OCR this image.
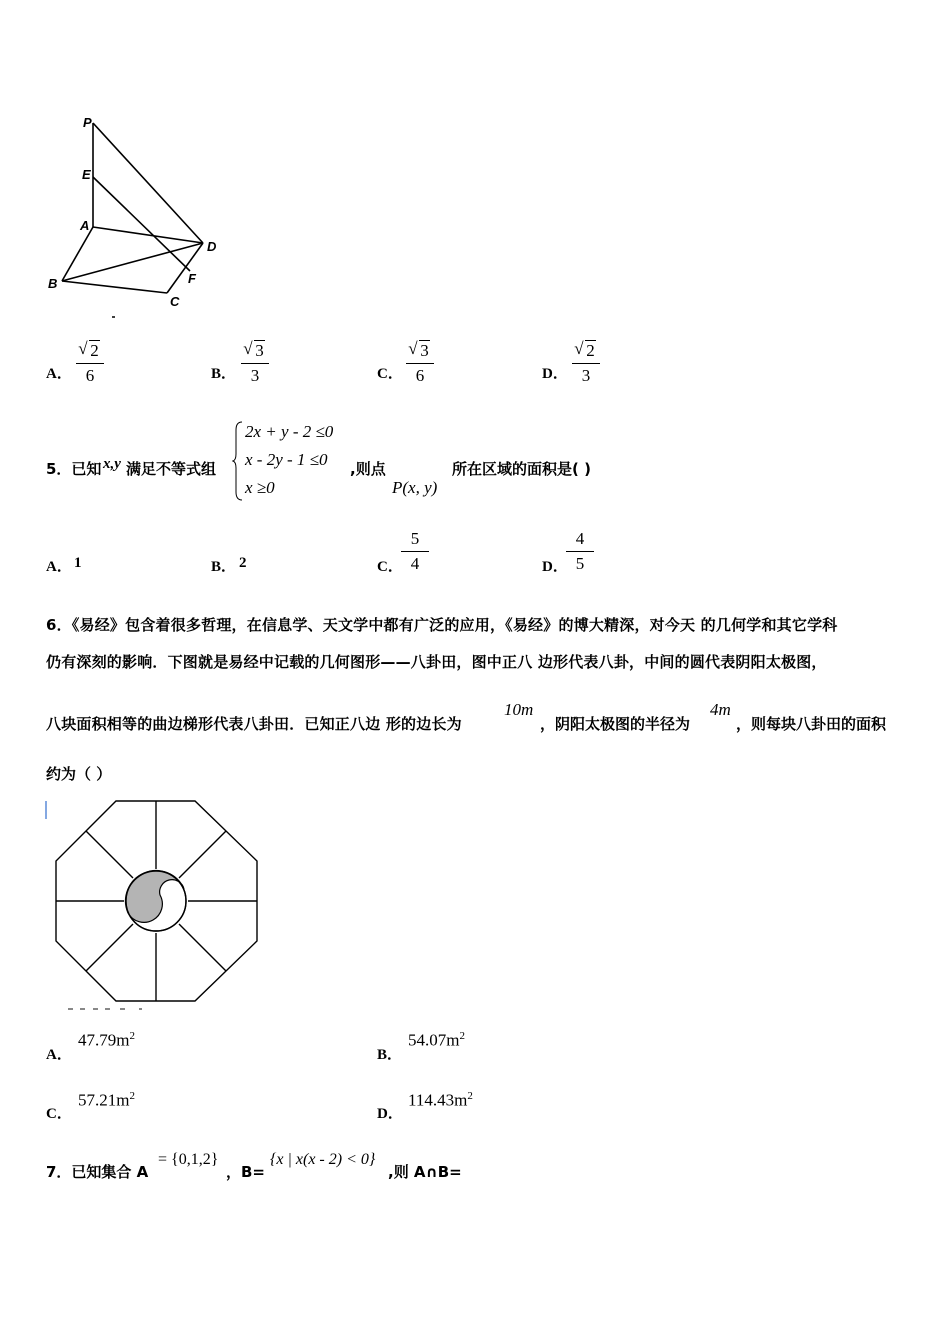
P
E
A
D
B	F
C
A．
√ 2
6	B．
√ 3
3	C．
√ 3
6	D．
√ 2
3
5．已知 x,y 满足不等式组
2x + y - 2 ≤0
x - 2y - 1 ≤0
x ≥0
,则点
P(x, y)
所在区域的面积是( )
A． 1	B． 2	C．
5
4	D．
4
5
6．《易经》包含着很多哲理，在信息学、天文学中都有广泛的应用，《易经》的博大精深，对今天 的几何学和其它学科
仍有深刻的影响．下图就是易经中记载的几何图形——八卦田，图中正八 边形代表八卦，中间的圆代表阴阳太极图，
八块面积相等的曲边梯形代表八卦田．已知正八边 形的边长为
10m
，阴阳太极图的半径为
4m
，则每块八卦田的面积
约为（ ）
A．
$47.79m^2$
B．
$54.07m^2$
C．
$57.21m^2$
D．
$114.43m^2$
7．已知集合 A
= {0,1,2}
，B=
{x | x(x - 2) < 0}
,则 A∩B=
